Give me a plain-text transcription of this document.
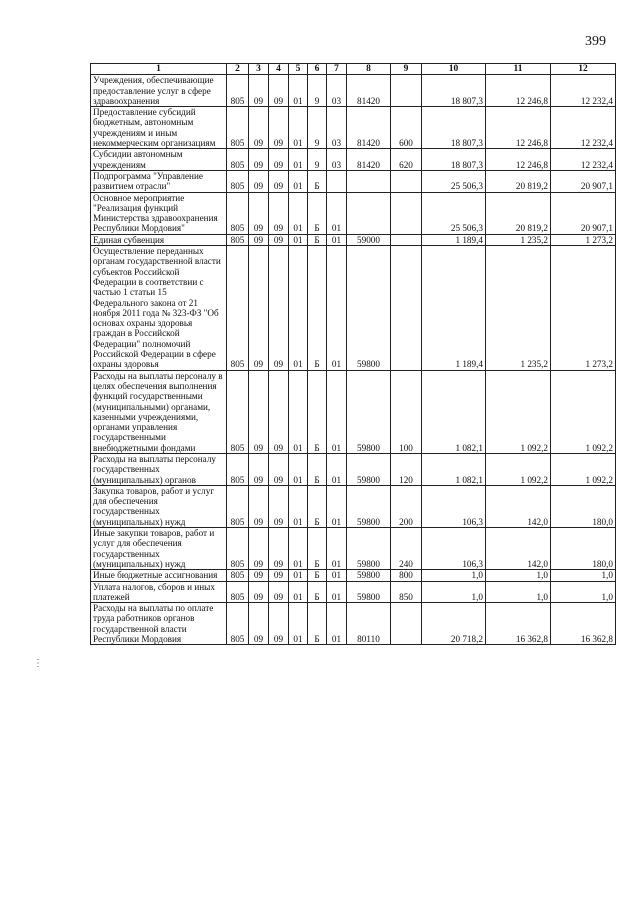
399
⋮
1	2	3	4	5	6	7	8	9	10	11	12
Учреждения, обеспечивающие предоставление услуг в сфере здравоохранения	805	09	09	01	9	03	81420		18 807,3	12 246,8	12 232,4
Предоставление субсидий бюджетным, автономным учреждениям и иным некоммерческим организациям	805	09	09	01	9	03	81420	600	18 807,3	12 246,8	12 232,4
Субсидии автономным учреждениям	805	09	09	01	9	03	81420	620	18 807,3	12 246,8	12 232,4
Подпрограмма "Управление развитием отрасли"	805	09	09	01	Б				25 506,3	20 819,2	20 907,1
Основное мероприятие "Реализация функций Министерства здравоохранения Республики Мордовия"	805	09	09	01	Б	01			25 506,3	20 819,2	20 907,1
Единая субвенция	805	09	09	01	Б	01	59000		1 189,4	1 235,2	1 273,2
Осуществление переданных органам государственной власти субъектов Российской Федерации в соответствии с частью 1 статьи 15 Федерального закона от 21 ноября 2011 года № 323-ФЗ "Об основах охраны здоровья граждан в Российской Федерации" полномочий Российской Федерации в сфере охраны здоровья	805	09	09	01	Б	01	59800		1 189,4	1 235,2	1 273,2
Расходы на выплаты персоналу в целях обеспечения выполнения функций государственными (муниципальными) органами, казенными учреждениями, органами управления государственными внебюджетными фондами	805	09	09	01	Б	01	59800	100	1 082,1	1 092,2	1 092,2
Расходы на выплаты персоналу государственных (муниципальных) органов	805	09	09	01	Б	01	59800	120	1 082,1	1 092,2	1 092,2
Закупка товаров, работ и услуг для обеспечения государственных (муниципальных) нужд	805	09	09	01	Б	01	59800	200	106,3	142,0	180,0
Иные закупки товаров, работ и услуг для обеспечения государственных (муниципальных) нужд	805	09	09	01	Б	01	59800	240	106,3	142,0	180,0
Иные бюджетные ассигнования	805	09	09	01	Б	01	59800	800	1,0	1,0	1,0
Уплата налогов, сборов и иных платежей	805	09	09	01	Б	01	59800	850	1,0	1,0	1,0
Расходы на выплаты по оплате труда работников органов государственной власти Республики Мордовия	805	09	09	01	Б	01	80110		20 718,2	16 362,8	16 362,8
